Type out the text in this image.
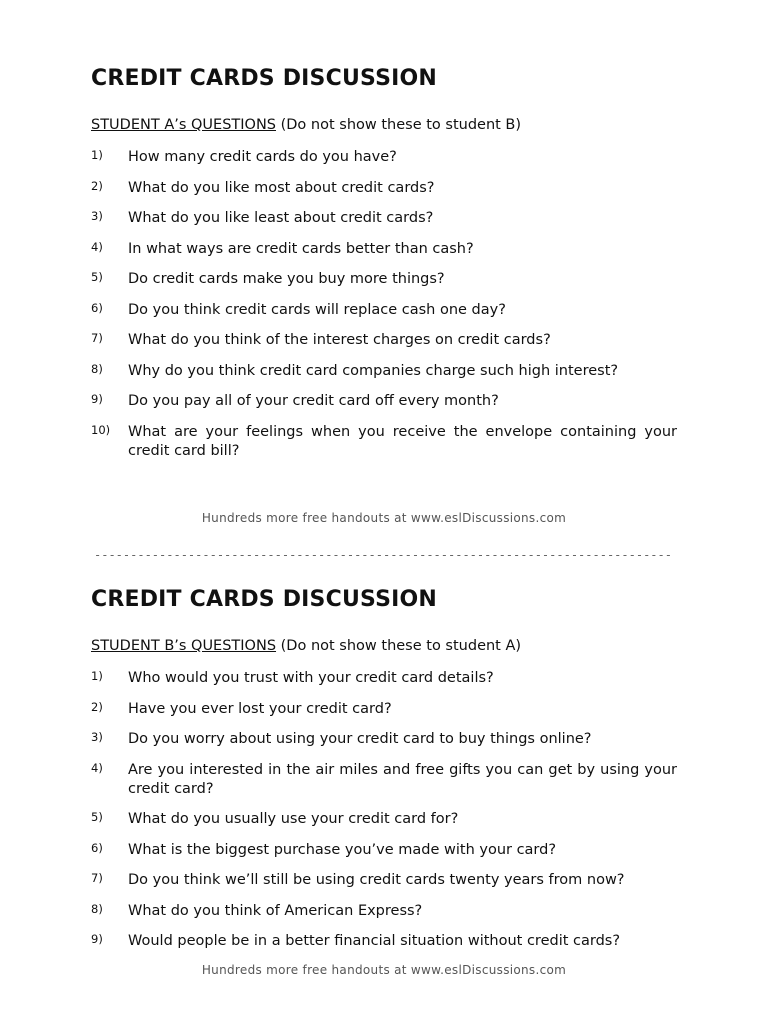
CREDIT CARDS DISCUSSION
STUDENT A’s QUESTIONS (Do not show these to student B)
1) How many credit cards do you have?
2) What do you like most about credit cards?
3) What do you like least about credit cards?
4) In what ways are credit cards better than cash?
5) Do credit cards make you buy more things?
6) Do you think credit cards will replace cash one day?
7) What do you think of the interest charges on credit cards?
8) Why do you think credit card companies charge such high interest?
9) Do you pay all of your credit card off every month?
10) What are your feelings when you receive the envelope containing your credit card bill?
Hundreds more free handouts at www.eslDiscussions.com
--------------------------------------------------------------------------------
CREDIT CARDS DISCUSSION
STUDENT B’s QUESTIONS (Do not show these to student A)
1) Who would you trust with your credit card details?
2) Have you ever lost your credit card?
3) Do you worry about using your credit card to buy things online?
4) Are you interested in the air miles and free gifts you can get by using your credit card?
5) What do you usually use your credit card for?
6) What is the biggest purchase you’ve made with your card?
7) Do you think we’ll still be using credit cards twenty years from now?
8) What do you think of American Express?
9) Would people be in a better financial situation without credit cards?
Hundreds more free handouts at www.eslDiscussions.com
